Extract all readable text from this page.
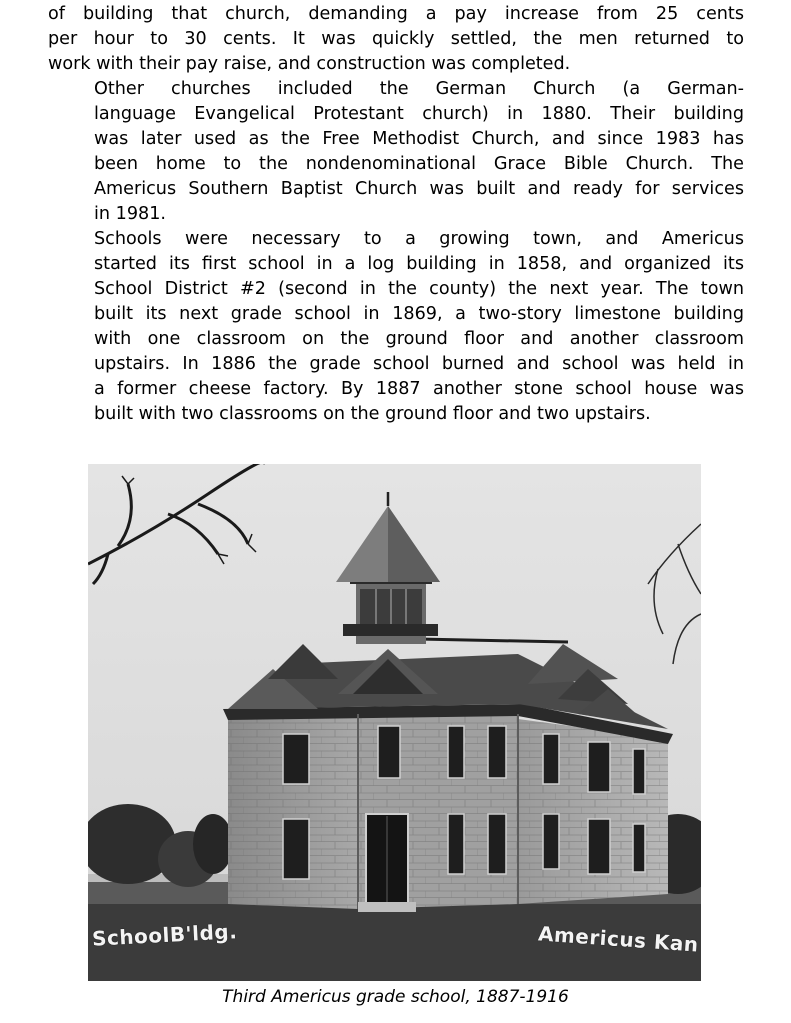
of building that church, demanding a pay increase from 25 cents
per hour to 30 cents. It was quickly settled, the men returned to
work with their pay raise, and construction was completed.

Other churches included the German Church (a German-
language Evangelical Protestant church) in 1880. Their building
was later used as the Free Methodist Church, and since 1983 has
been home to the nondenominational Grace Bible Church. The
Americus Southern Baptist Church was built and ready for services
in 1981.

Schools were necessary to a growing town, and Americus
started its first school in a log building in 1858, and organized its
School District #2 (second in the county) the next year. The town
built its next grade school in 1869, a two-story limestone building
with one classroom on the ground floor and another classroom
upstairs. In 1886 the grade school burned and school was held in
a former cheese factory. By 1887 another stone school house was
built with two classrooms on the ground floor and two upstairs.

SchoolB'ldg.	Americus Kan
Third Americus grade school, 1887-1916
